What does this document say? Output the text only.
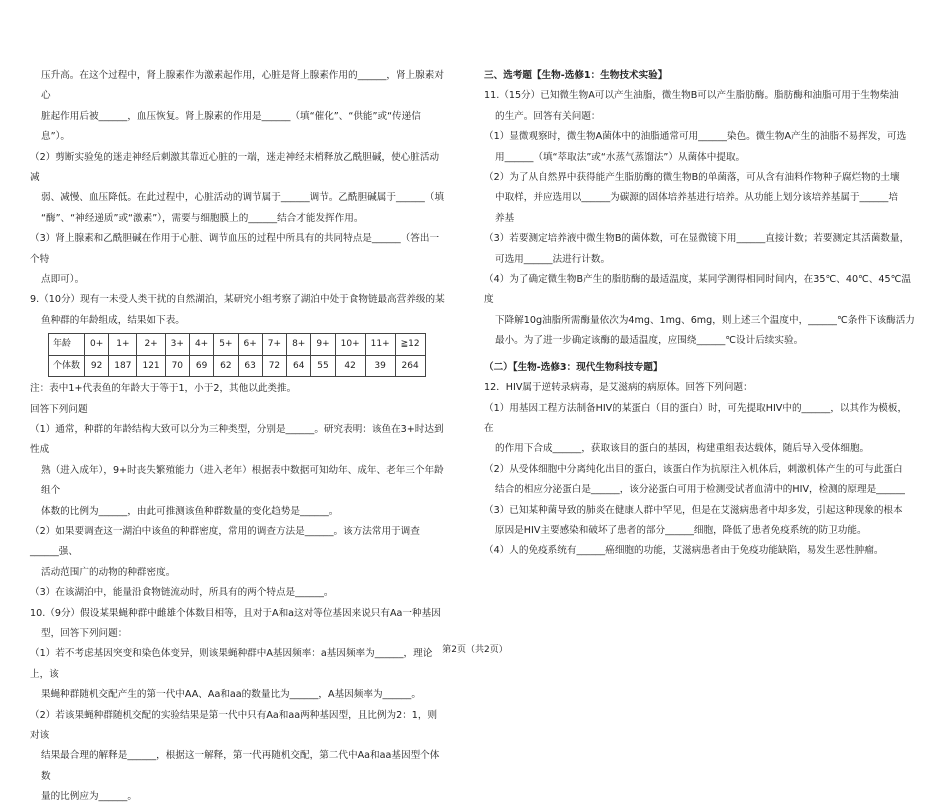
压升高。在这个过程中，肾上腺素作为激素起作用，心脏是肾上腺素作用的______，肾上腺素对心

脏起作用后被______，血压恢复。肾上腺素的作用是______（填“催化”、“供能”或“传递信

息”）。

（2）剪断实验兔的迷走神经后刺激其靠近心脏的一端，迷走神经末梢释放乙酰胆碱，使心脏活动减

弱、减慢、血压降低。在此过程中，心脏活动的调节属于______调节。乙酰胆碱属于______（填

“酶”、“神经递质”或“激素”），需要与细胞膜上的______结合才能发挥作用。

（3）肾上腺素和乙酰胆碱在作用于心脏、调节血压的过程中所具有的共同特点是______（答出一个特

点即可）。

9.（10分）现有一未受人类干扰的自然湖泊，某研究小组考察了湖泊中处于食物链最高营养级的某

鱼种群的年龄组成，结果如下表。

年龄	0+	1+	2+	3+	4+	5+	6+	7+	8+	9+	10+	11+	≧12
个体数	92	187	121	70	69	62	63	72	64	55	42	39	264

注：表中1+代表鱼的年龄大于等于1，小于2，其他以此类推。

回答下列问题

（1）通常，种群的年龄结构大致可以分为三种类型，分别是______。研究表明：该鱼在3+时达到性成

熟（进入成年），9+时丧失繁殖能力（进入老年）根据表中数据可知幼年、成年、老年三个年龄组个

体数的比例为______，由此可推测该鱼种群数量的变化趋势是______。

（2）如果要调查这一湖泊中该鱼的种群密度，常用的调查方法是______。该方法常用于调查______强、

活动范围广的动物的种群密度。

（3）在该湖泊中，能量沿食物链流动时，所具有的两个特点是______。

10.（9分）假设某果蝇种群中雌雄个体数目相等，且对于A和a这对等位基因来说只有Aa一种基因

型，回答下列问题：

（1）若不考虑基因突变和染色体变异，则该果蝇种群中A基因频率：a基因频率为______，理论上，该

果蝇种群随机交配产生的第一代中AA、Aa和aa的数量比为______，A基因频率为______。

（2）若该果蝇种群随机交配的实验结果是第一代中只有Aa和aa两种基因型，且比例为2：1，则对该

结果最合理的解释是______，根据这一解释，第一代再随机交配，第二代中Aa和aa基因型个体数

量的比例应为______。

三、选考题【生物-选修1：生物技术实验】

11.（15分）已知微生物A可以产生油脂，微生物B可以产生脂肪酶。脂肪酶和油脂可用于生物柴油

的生产。回答有关问题：

（1）显微观察时，微生物A菌体中的油脂通常可用______染色。微生物A产生的油脂不易挥发，可选

用______（填“萃取法”或“水蒸气蒸馏法”）从菌体中提取。

（2）为了从自然界中获得能产生脂肪酶的微生物B的单菌落，可从含有油料作物种子腐烂物的土壤

中取样，并应选用以______为碳源的固体培养基进行培养。从功能上划分该培养基属于______培

养基

（3）若要测定培养液中微生物B的菌体数，可在显微镜下用______直接计数；若要测定其活菌数量，

可选用______法进行计数。

（4）为了确定微生物B产生的脂肪酶的最适温度，某同学测得相同时间内，在35℃、40℃、45℃温度

下降解10g油脂所需酶量依次为4mg、1mg、6mg，则上述三个温度中，______℃条件下该酶活力

最小。为了进一步确定该酶的最适温度，应围绕______℃设计后续实验。

（二）【生物-选修3：现代生物科技专题】

12．HIV属于逆转录病毒，是艾滋病的病原体。回答下列问题：

（1）用基因工程方法制备HIV的某蛋白（目的蛋白）时，可先提取HIV中的______，以其作为模板，在

的作用下合成______，获取该目的蛋白的基因，构建重组表达载体，随后导入受体细胞。

（2）从受体细胞中分离纯化出目的蛋白，该蛋白作为抗原注入机体后，刺激机体产生的可与此蛋白

结合的相应分泌蛋白是______，该分泌蛋白可用于检测受试者血清中的HIV，检测的原理是______

（3）已知某种菌导致的肺炎在健康人群中罕见，但是在艾滋病患者中却多发，引起这种现象的根本

原因是HIV主要感染和破坏了患者的部分______细胞，降低了患者免疫系统的防卫功能。

（4）人的免疫系统有______癌细胞的功能，艾滋病患者由于免疫功能缺陷，易发生恶性肿瘤。

第2页（共2页）
